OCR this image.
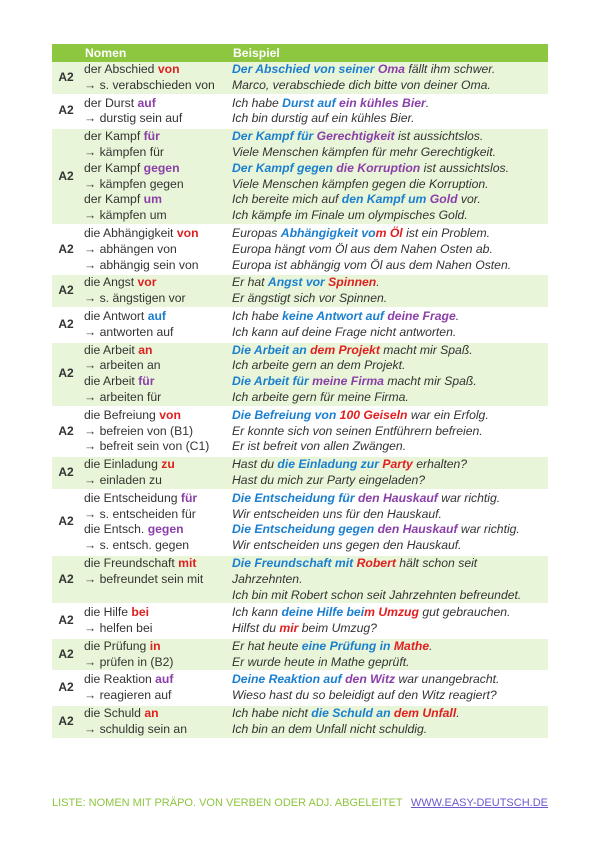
Nomen	Beispiel
A2
der Abschied von
→ s. verabschieden von
Der Abschied von seiner Oma fällt ihm schwer.
Marco, verabschiede dich bitte von deiner Oma.
A2
der Durst auf
→ durstig sein auf
Ich habe Durst auf ein kühles Bier.
Ich bin durstig auf ein kühles Bier.
A2
der Kampf für
→ kämpfen für
der Kampf gegen
→ kämpfen gegen
der Kampf um
→ kämpfen um
Der Kampf für Gerechtigkeit ist aussichtslos.
Viele Menschen kämpfen für mehr Gerechtigkeit.
Der Kampf gegen die Korruption ist aussichtslos.
Viele Menschen kämpfen gegen die Korruption.
Ich bereite mich auf den Kampf um Gold vor.
Ich kämpfe im Finale um olympisches Gold.
A2
die Abhängigkeit von
→ abhängen von
→ abhängig sein von
Europas Abhängigkeit vom Öl ist ein Problem.
Europa hängt vom Öl aus dem Nahen Osten ab.
Europa ist abhängig vom Öl aus dem Nahen Osten.
A2
die Angst vor
→ s. ängstigen vor
Er hat Angst vor Spinnen.
Er ängstigt sich vor Spinnen.
A2
die Antwort auf
→ antworten auf
Ich habe keine Antwort auf deine Frage.
Ich kann auf deine Frage nicht antworten.
A2
die Arbeit an
→ arbeiten an
die Arbeit für
→ arbeiten für
Die Arbeit an dem Projekt macht mir Spaß.
Ich arbeite gern an dem Projekt.
Die Arbeit für meine Firma macht mir Spaß.
Ich arbeite gern für meine Firma.
A2
die Befreiung von
→ befreien von (B1)
→ befreit sein von (C1)
Die Befreiung von 100 Geiseln war ein Erfolg.
Er konnte sich von seinen Entführern befreien.
Er ist befreit von allen Zwängen.
A2
die Einladung zu
→ einladen zu
Hast du die Einladung zur Party erhalten?
Hast du mich zur Party eingeladen?
A2
die Entscheidung für
→ s. entscheiden für
die Entsch. gegen
→ s. entsch. gegen
Die Entscheidung für den Hauskauf war richtig.
Wir entscheiden uns für den Hauskauf.
Die Entscheidung gegen den Hauskauf war richtig.
Wir entscheiden uns gegen den Hauskauf.
A2
die Freundschaft mit
→ befreundet sein mit
Die Freundschaft mit Robert hält schon seit Jahrzehnten.
Ich bin mit Robert schon seit Jahrzehnten befreundet.
A2
die Hilfe bei
→ helfen bei
Ich kann deine Hilfe beim Umzug gut gebrauchen.
Hilfst du mir beim Umzug?
A2
die Prüfung in
→ prüfen in (B2)
Er hat heute eine Prüfung in Mathe.
Er wurde heute in Mathe geprüft.
A2
die Reaktion auf
→ reagieren auf
Deine Reaktion auf den Witz war unangebracht.
Wieso hast du so beleidigt auf den Witz reagiert?
A2
die Schuld an
→ schuldig sein an
Ich habe nicht die Schuld an dem Unfall.
Ich bin an dem Unfall nicht schuldig.
LISTE: NOMEN MIT PRÄPO. VON VERBEN ODER ADJ. ABGELEITET WWW.EASY-DEUTSCH.DE
